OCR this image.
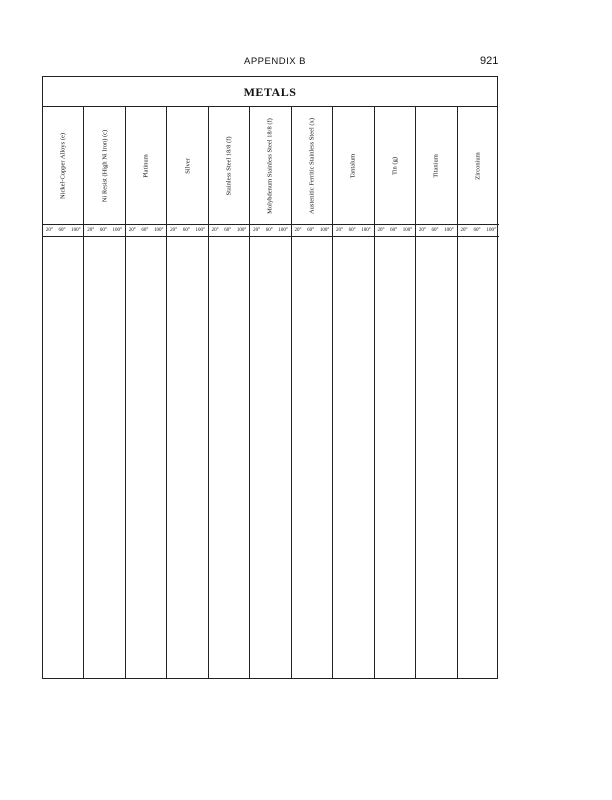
APPENDIX B	921
METALS
Nickel-Copper Alloys (e)
20° 60° 100°
Ni Resist (High Ni Iron) (c)
20° 60° 100°
Platinum
20° 60° 100°
Silver
20° 60° 100°
Stainless Steel 18/8 (f)
20° 60° 100°
Molybdenum Stainless Steel 18/8 (f)
20° 60° 100°
Austenitic Ferritic Stainless Steel (x)
20° 60° 100°
Tantalum
20° 60° 100°
Tin (g)
20° 60° 100°
Titanium
20° 60° 100°
Zirconium
20° 60° 100°
